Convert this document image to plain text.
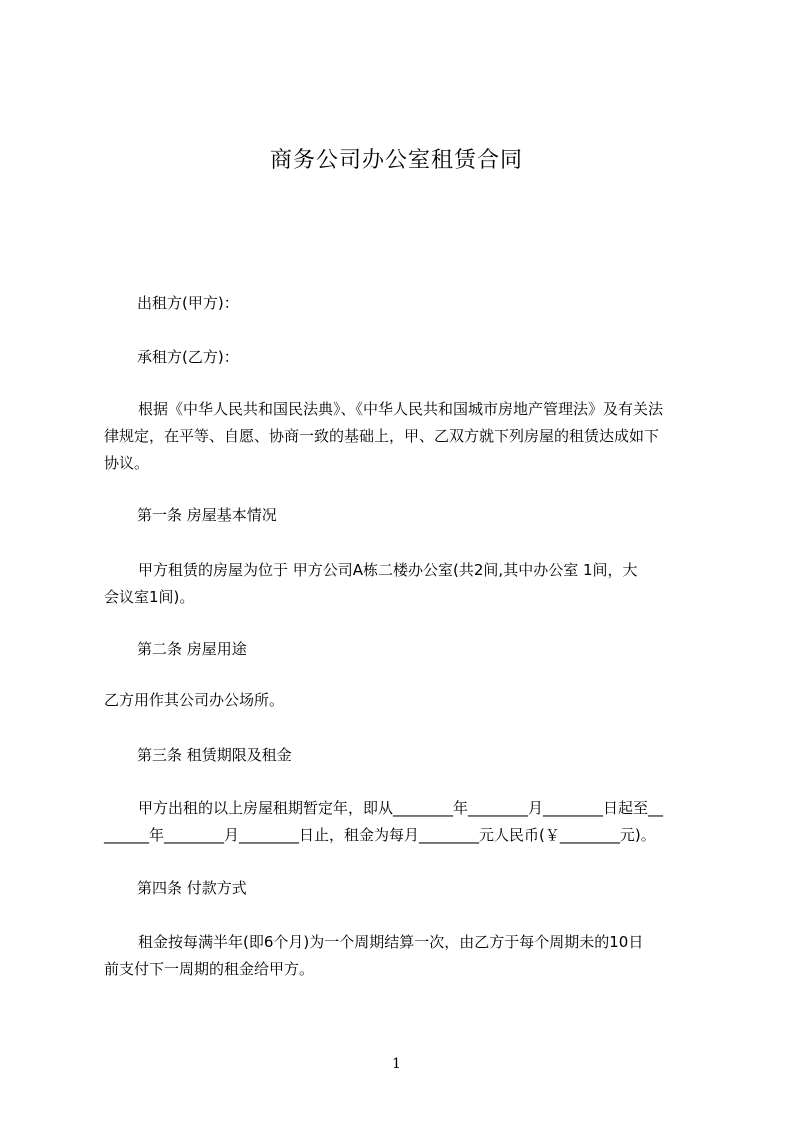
商务公司办公室租赁合同
出租方(甲方)：
承租方(乙方)：
根据《中华人民共和国民法典》、《中华人民共和国城市房地产管理法》及有关法
律规定，在平等、自愿、协商一致的基础上，甲、乙双方就下列房屋的租赁达成如下
协议。
第一条 房屋基本情况
甲方租赁的房屋为位于 甲方公司A栋二楼办公室(共2间,其中办公室 1间，大
会议室1间)。
第二条 房屋用途
乙方用作其公司办公场所。
第三条 租赁期限及租金
甲方出租的以上房屋租期暂定年，即从________年________月________日起至__
______年________月________日止，租金为每月________元人民币(￥________元)。
第四条 付款方式
租金按每满半年(即6个月)为一个周期结算一次，由乙方于每个周期未的10日
前支付下一周期的租金给甲方。
1
